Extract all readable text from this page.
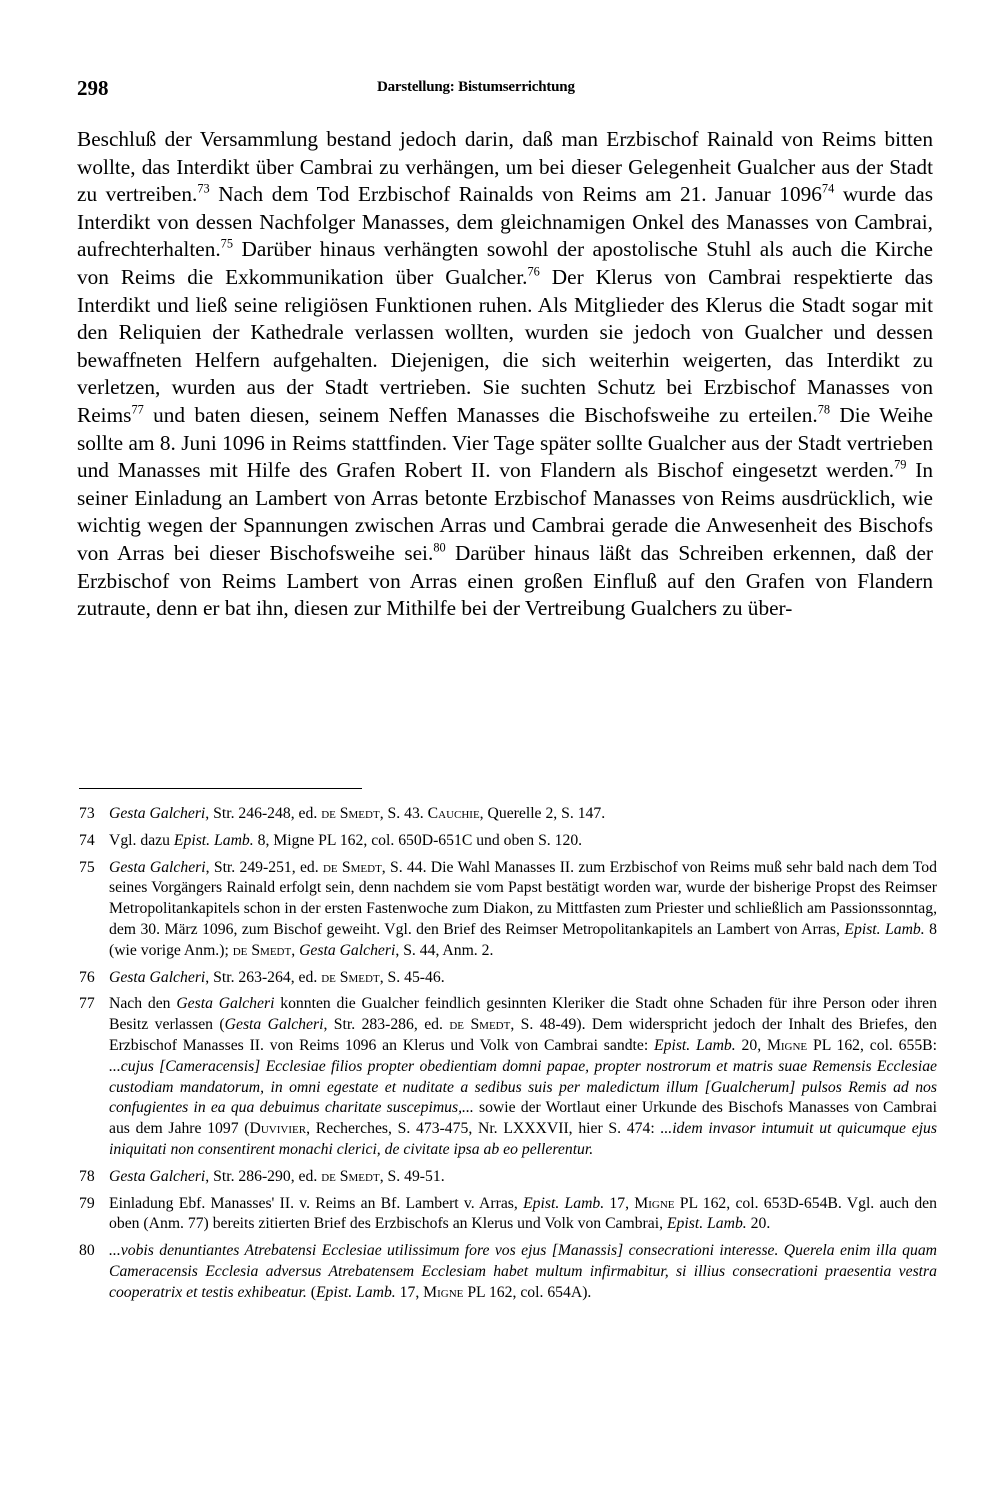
298	Darstellung: Bistumserrichtung

Beschluß der Versammlung bestand jedoch darin, daß man Erzbischof Rainald von Reims bitten wollte, das Interdikt über Cambrai zu verhängen, um bei dieser Gelegenheit Gualcher aus der Stadt zu vertreiben.$^{73}$ Nach dem Tod Erzbischof Rainalds von Reims am 21. Januar 1096$^{74}$ wurde das Interdikt von dessen Nachfolger Manasses, dem gleichnamigen Onkel des Manasses von Cambrai, aufrechterhalten.$^{75}$ Darüber hinaus verhängten sowohl der apostolische Stuhl als auch die Kirche von Reims die Exkommunikation über Gualcher.$^{76}$ Der Klerus von Cambrai respektierte das Interdikt und ließ seine religiösen Funktionen ruhen. Als Mitglieder des Klerus die Stadt sogar mit den Reliquien der Kathedrale verlassen wollten, wurden sie jedoch von Gualcher und dessen bewaffneten Helfern aufgehalten. Diejenigen, die sich weiterhin weigerten, das Interdikt zu verletzen, wurden aus der Stadt vertrieben. Sie suchten Schutz bei Erzbischof Manasses von Reims$^{77}$ und baten diesen, seinem Neffen Manasses die Bischofsweihe zu erteilen.$^{78}$ Die Weihe sollte am 8. Juni 1096 in Reims stattfinden. Vier Tage später sollte Gualcher aus der Stadt vertrieben und Manasses mit Hilfe des Grafen Robert II. von Flandern als Bischof eingesetzt werden.$^{79}$ In seiner Einladung an Lambert von Arras betonte Erzbischof Manasses von Reims ausdrücklich, wie wichtig wegen der Spannungen zwischen Arras und Cambrai gerade die Anwesenheit des Bischofs von Arras bei dieser Bischofsweihe sei.$^{80}$ Darüber hinaus läßt das Schreiben erkennen, daß der Erzbischof von Reims Lambert von Arras einen großen Einfluß auf den Grafen von Flandern zutraute, denn er bat ihn, diesen zur Mithilfe bei der Vertreibung Gualchers zu über-

73 Gesta Galcheri, Str. 246-248, ed. de Smedt, S. 43. Cauchie, Querelle 2, S. 147.
74 Vgl. dazu Epist. Lamb. 8, Migne PL 162, col. 650D-651C und oben S. 120.
75 Gesta Galcheri, Str. 249-251, ed. de Smedt, S. 44. Die Wahl Manasses II. zum Erzbischof von Reims muß sehr bald nach dem Tod seines Vorgängers Rainald erfolgt sein, denn nachdem sie vom Papst bestätigt worden war, wurde der bisherige Propst des Reimser Metropolitankapitels schon in der ersten Fastenwoche zum Diakon, zu Mittfasten zum Priester und schließlich am Passionssonntag, dem 30. März 1096, zum Bischof geweiht. Vgl. den Brief des Reimser Metropolitankapitels an Lambert von Arras, Epist. Lamb. 8 (wie vorige Anm.); de Smedt, Gesta Galcheri, S. 44, Anm. 2.
76 Gesta Galcheri, Str. 263-264, ed. de Smedt, S. 45-46.
77 Nach den Gesta Galcheri konnten die Gualcher feindlich gesinnten Kleriker die Stadt ohne Schaden für ihre Person oder ihren Besitz verlassen (Gesta Galcheri, Str. 283-286, ed. de Smedt, S. 48-49). Dem widerspricht jedoch der Inhalt des Briefes, den Erzbischof Manasses II. von Reims 1096 an Klerus und Volk von Cambrai sandte: Epist. Lamb. 20, Migne PL 162, col. 655B: ...cujus [Cameracensis] Ecclesiae filios propter obedientiam domni papae, propter nostrorum et matris suae Remensis Ecclesiae custodiam mandatorum, in omni egestate et nuditate a sedibus suis per maledictum illum [Gualcherum] pulsos Remis ad nos confugientes in ea qua debuimus charitate suscepimus,... sowie der Wortlaut einer Urkunde des Bischofs Manasses von Cambrai aus dem Jahre 1097 (Duvivier, Recherches, S. 473-475, Nr. LXXXVII, hier S. 474: ...idem invasor intumuit ut quicumque ejus iniquitati non consentirent monachi clerici, de civitate ipsa ab eo pellerentur.
78 Gesta Galcheri, Str. 286-290, ed. de Smedt, S. 49-51.
79 Einladung Ebf. Manasses' II. v. Reims an Bf. Lambert v. Arras, Epist. Lamb. 17, Migne PL 162, col. 653D-654B. Vgl. auch den oben (Anm. 77) bereits zitierten Brief des Erzbischofs an Klerus und Volk von Cambrai, Epist. Lamb. 20.
80 ...vobis denuntiantes Atrebatensi Ecclesiae utilissimum fore vos ejus [Manassis] consecrationi interesse. Querela enim illa quam Cameracensis Ecclesia adversus Atrebatensem Ecclesiam habet multum infirmabitur, si illius consecrationi praesentia vestra cooperatrix et testis exhibeatur. (Epist. Lamb. 17, Migne PL 162, col. 654A).
